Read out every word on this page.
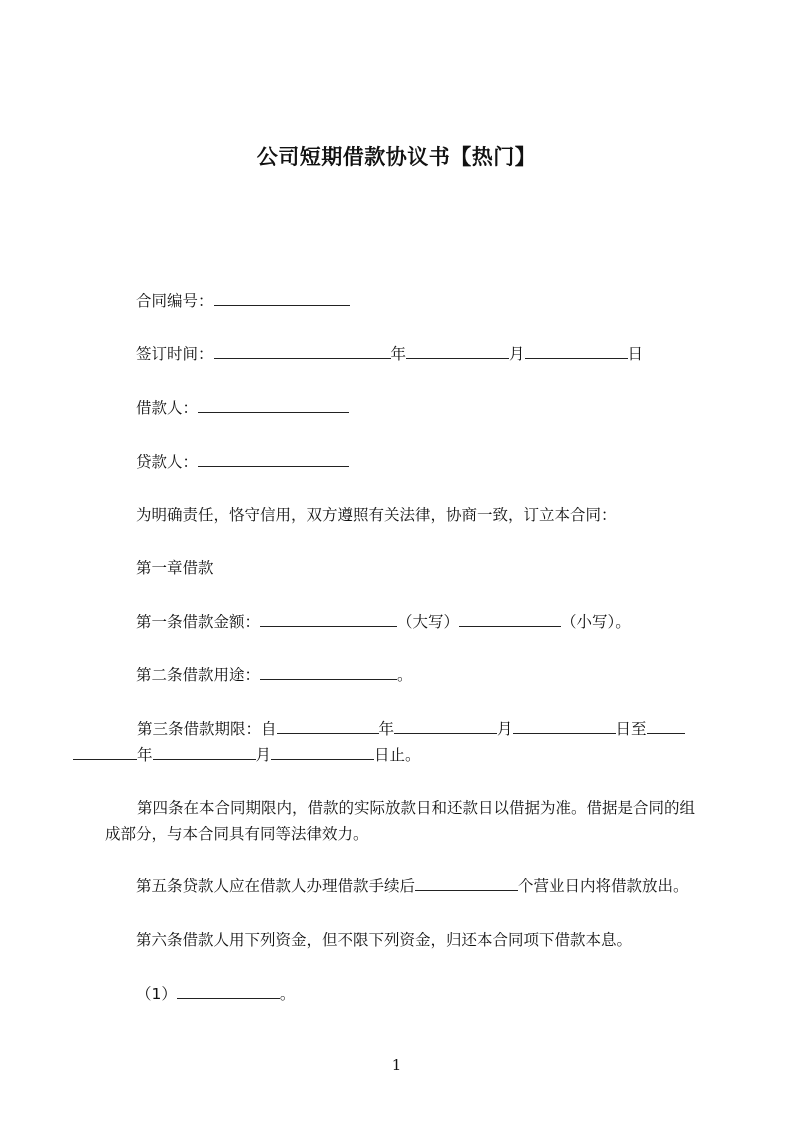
公司短期借款协议书【热门】
合同编号：
签订时间：	年	月	日
借款人：
贷款人：
为明确责任，恪守信用，双方遵照有关法律，协商一致，订立本合同：
第一章借款
第一条借款金额：	（大写）	（小写）。
第二条借款用途：	。
第三条借款期限：自	年	月	日至年	月	日止。
第四条在本合同期限内，借款的实际放款日和还款日以借据为准。借据是合同的组成部分，与本合同具有同等法律效力。
第五条贷款人应在借款人办理借款手续后	个营业日内将借款放出。
第六条借款人用下列资金，但不限下列资金，归还本合同项下借款本息。
（1）	。
1
